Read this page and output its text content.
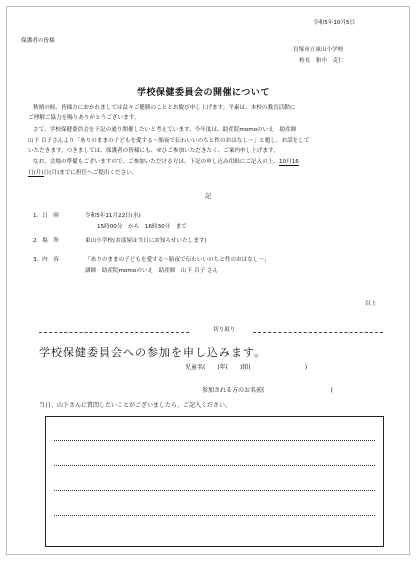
令和5年10月5日
保護者の皆様
貝塚市立東山小学校
校長　和中　克仁
学校保健委員会の開催について
秋晴の候、皆様方におかれましては益々ご健勝のこととお慶び申し上げます。平素は、本校の教育活動に
ご理解ご協力を賜りありがとうございます。
さて、学校保健委員会を下記の通り開催したいと考えています。今年度は、助産院momoのいえ　助産師
山下 百子さんより「ありのままの子どもを愛する～胎夜で伝わいいのちと性のおはなし～」と題し、お話をして
いただきます。つきましては、保護者の皆様にも、ぜひご参加いただきたく、ご案内申し上げます。
なお、会場の準備もございますので、ご参加いただける方は、下記の申し込み用紙にご記入の上、10月16
日(月)日(月)までに担任へご提出ください。
記
1．日　時	令和5年11月22日(水)
15時00分　から　16時30分　まで
2．場　所	東山小学校(お部屋は当日にお知らせいたします)
3．内　容	「ありのままの子どもを愛する～胎夜で伝わいいのちと性のおはなし～」
講師　助産院momoのいえ　助産師　山下 百子 さん
以上
切り取り
学校保健委員会への参加を申し込みます。
児童名(　　)年(　　)組(　　　　　　　　　)
参加される方のお名前(　　　　　　　　　　　)
当日、山下さんに質問したいことがございましたら、ご記入ください。
